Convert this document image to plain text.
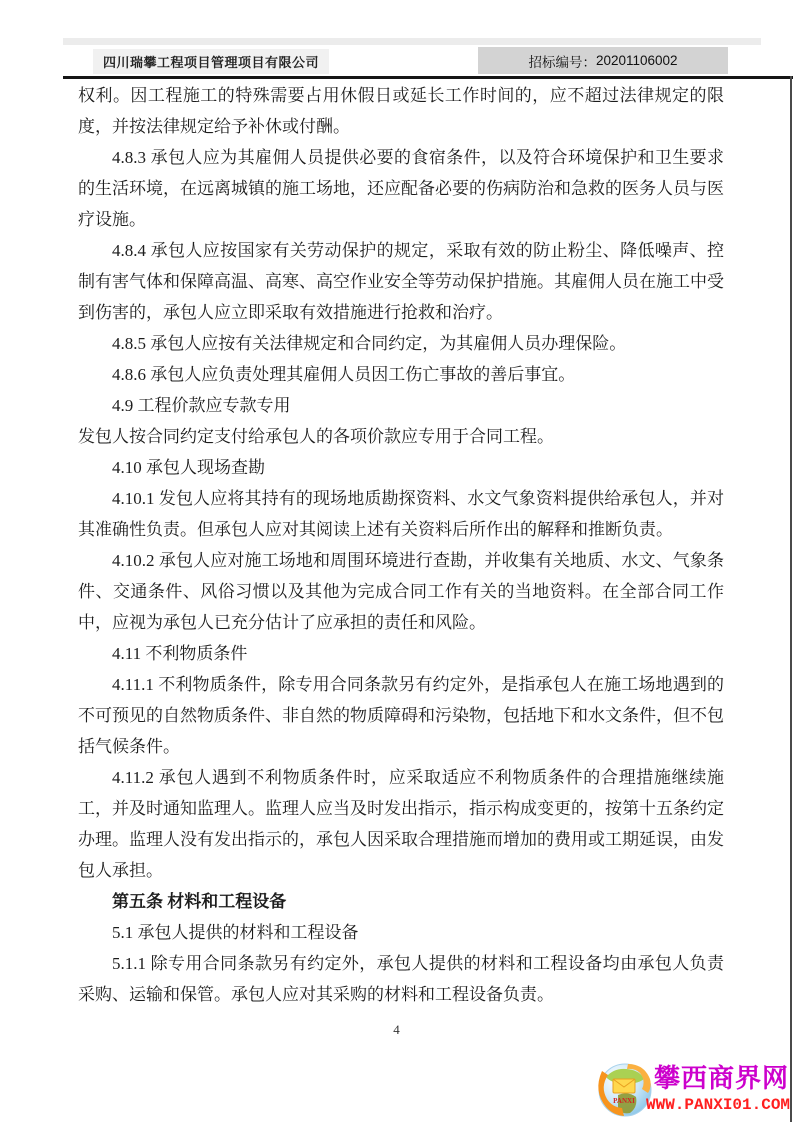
四川瑞攀工程项目管理项目有限公司	招标编号： 20201106002

权利。因工程施工的特殊需要占用休假日或延长工作时间的，应不超过法律规定的限度，并按法律规定给予补休或付酬。

4.8.3 承包人应为其雇佣人员提供必要的食宿条件，以及符合环境保护和卫生要求的生活环境，在远离城镇的施工场地，还应配备必要的伤病防治和急救的医务人员与医疗设施。

4.8.4 承包人应按国家有关劳动保护的规定，采取有效的防止粉尘、降低噪声、控制有害气体和保障高温、高寒、高空作业安全等劳动保护措施。其雇佣人员在施工中受到伤害的，承包人应立即采取有效措施进行抢救和治疗。

4.8.5 承包人应按有关法律规定和合同约定，为其雇佣人员办理保险。

4.8.6 承包人应负责处理其雇佣人员因工伤亡事故的善后事宜。

4.9 工程价款应专款专用

发包人按合同约定支付给承包人的各项价款应专用于合同工程。

4.10 承包人现场查勘

4.10.1 发包人应将其持有的现场地质勘探资料、水文气象资料提供给承包人，并对其准确性负责。但承包人应对其阅读上述有关资料后所作出的解释和推断负责。

4.10.2 承包人应对施工场地和周围环境进行查勘，并收集有关地质、水文、气象条件、交通条件、风俗习惯以及其他为完成合同工作有关的当地资料。在全部合同工作中，应视为承包人已充分估计了应承担的责任和风险。

4.11 不利物质条件

4.11.1 不利物质条件，除专用合同条款另有约定外，是指承包人在施工场地遇到的不可预见的自然物质条件、非自然的物质障碍和污染物，包括地下和水文条件，但不包括气候条件。

4.11.2 承包人遇到不利物质条件时，应采取适应不利物质条件的合理措施继续施工，并及时通知监理人。监理人应当及时发出指示，指示构成变更的，按第十五条约定办理。监理人没有发出指示的，承包人因采取合理措施而增加的费用或工期延误，由发包人承担。

第五条 材料和工程设备

5.1 承包人提供的材料和工程设备

5.1.1 除专用合同条款另有约定外，承包人提供的材料和工程设备均由承包人负责采购、运输和保管。承包人应对其采购的材料和工程设备负责。

4
PANXI
攀西商界网
WWW.PANXI01.COM
